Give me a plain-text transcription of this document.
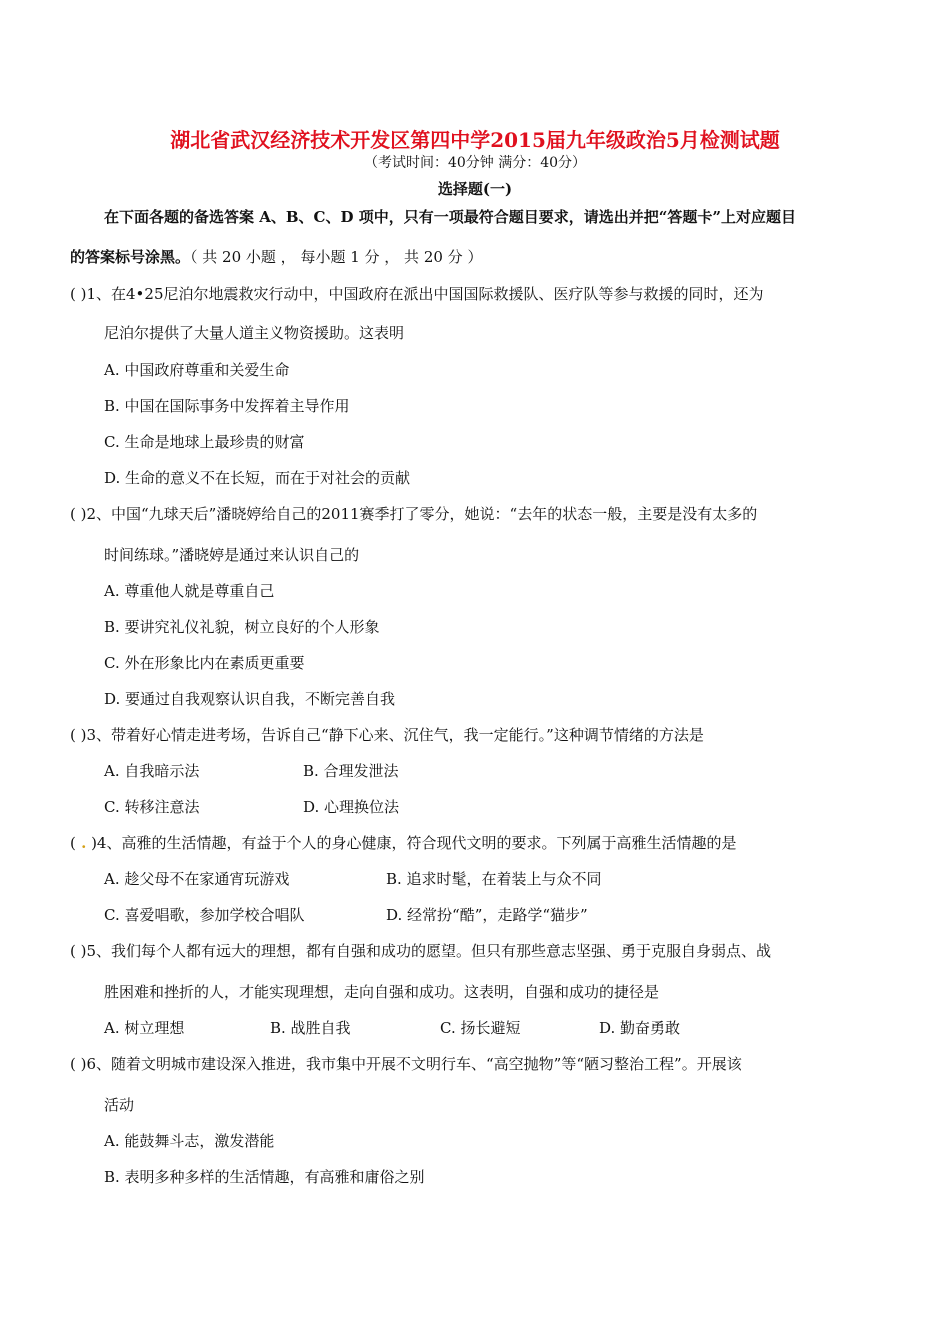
湖北省武汉经济技术开发区第四中学2015届九年级政治5月检测试题
（考试时间：40分钟 满分：40分）
选择题(一)
在下面各题的备选答案 A、B、C、D 项中，只有一项最符合题目要求，请选出并把“答题卡”上对应题目
的答案标号涂黑。（ 共 20 小题 ， 每小题 1 分 ， 共 20 分 ）
( )1、在4•25尼泊尔地震救灾行动中，中国政府在派出中国国际救援队、医疗队等参与救援的同时，还为
尼泊尔提供了大量人道主义物资援助。这表明
A. 中国政府尊重和关爱生命
B. 中国在国际事务中发挥着主导作用
C. 生命是地球上最珍贵的财富
D. 生命的意义不在长短，而在于对社会的贡献
( )2、中国“九球天后”潘晓婷给自己的2011赛季打了零分，她说：“去年的状态一般，主要是没有太多的
时间练球。”潘晓婷是通过来认识自己的
A. 尊重他人就是尊重自己
B. 要讲究礼仪礼貌，树立良好的个人形象
C. 外在形象比内在素质更重要
D. 要通过自我观察认识自我，不断完善自我
( )3、带着好心情走进考场，告诉自己“静下心来、沉住气，我一定能行。”这种调节情绪的方法是
A. 自我暗示法	B. 合理发泄法
C. 转移注意法	D. 心理换位法
( . )4、高雅的生活情趣，有益于个人的身心健康，符合现代文明的要求。下列属于高雅生活情趣的是
A. 趁父母不在家通宵玩游戏	B. 追求时髦，在着装上与众不同
C. 喜爱唱歌，参加学校合唱队	D. 经常扮“酷”，走路学“猫步”
( )5、我们每个人都有远大的理想，都有自强和成功的愿望。但只有那些意志坚强、勇于克服自身弱点、战
胜困难和挫折的人，才能实现理想，走向自强和成功。这表明，自强和成功的捷径是
A. 树立理想	B. 战胜自我	C. 扬长避短	D. 勤奋勇敢
( )6、随着文明城市建设深入推进，我市集中开展不文明行车、“高空抛物”等“陋习整治工程”。开展该
活动
A. 能鼓舞斗志，激发潜能
B. 表明多种多样的生活情趣，有高雅和庸俗之别
